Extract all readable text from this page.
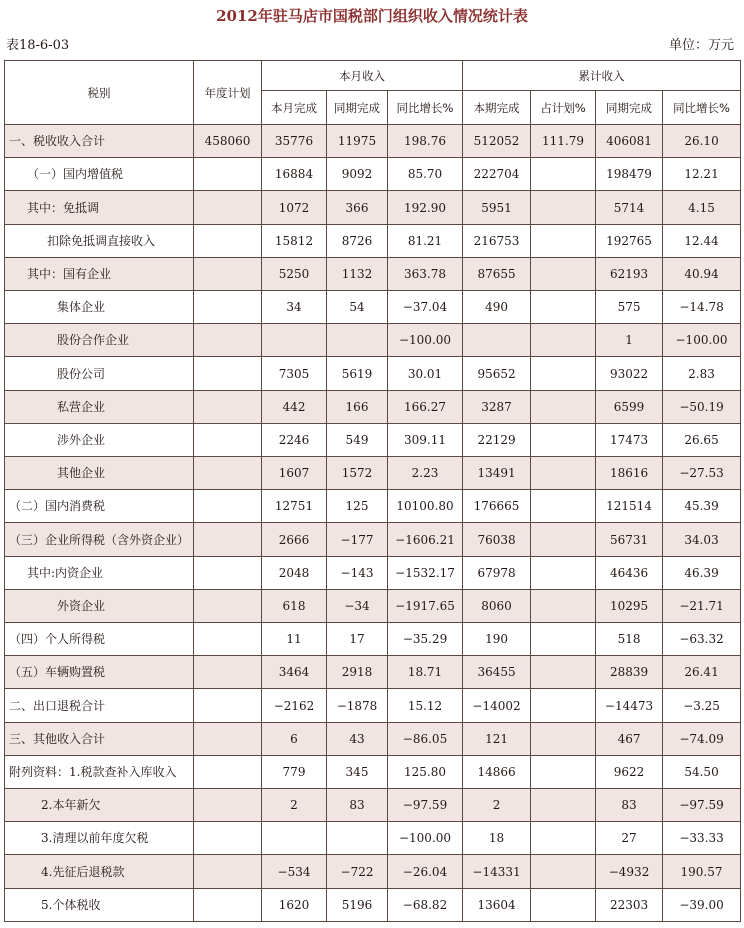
2012年驻马店市国税部门组织收入情况统计表
表18-6-03	单位：万元
税别	年度计划	本月收入			累计收入			
		本月完成	同期完成	同比增长%	本期完成	占计划%	同期完成	同比增长%
一、税收收入合计	458060	35776	11975	198.76	512052	111.79	406081	26.10
（一）国内增值税		16884	9092	85.70	222704		198479	12.21
其中：免抵调		1072	366	192.90	5951		5714	4.15
扣除免抵调直接收入		15812	8726	81.21	216753		192765	12.44
其中：国有企业		5250	1132	363.78	87655		62193	40.94
集体企业		34	54	−37.04	490		575	−14.78
股份合作企业				−100.00			1	−100.00
股份公司		7305	5619	30.01	95652		93022	2.83
私营企业		442	166	166.27	3287		6599	−50.19
涉外企业		2246	549	309.11	22129		17473	26.65
其他企业		1607	1572	2.23	13491		18616	−27.53
（二）国内消费税		12751	125	10100.80	176665		121514	45.39
（三）企业所得税（含外资企业）		2666	−177	−1606.21	76038		56731	34.03
其中:内资企业		2048	−143	−1532.17	67978		46436	46.39
外资企业		618	−34	−1917.65	8060		10295	−21.71
（四）个人所得税		11	17	−35.29	190		518	−63.32
（五）车辆购置税		3464	2918	18.71	36455		28839	26.41
二、出口退税合计		−2162	−1878	15.12	−14002		−14473	−3.25
三、其他收入合计		6	43	−86.05	121		467	−74.09
附列资料：1.税款查补入库收入		779	345	125.80	14866		9622	54.50
2.本年新欠		2	83	−97.59	2		83	−97.59
3.清理以前年度欠税				−100.00	18		27	−33.33
4.先征后退税款		−534	−722	−26.04	−14331		−4932	190.57
5.个体税收		1620	5196	−68.82	13604		22303	−39.00
